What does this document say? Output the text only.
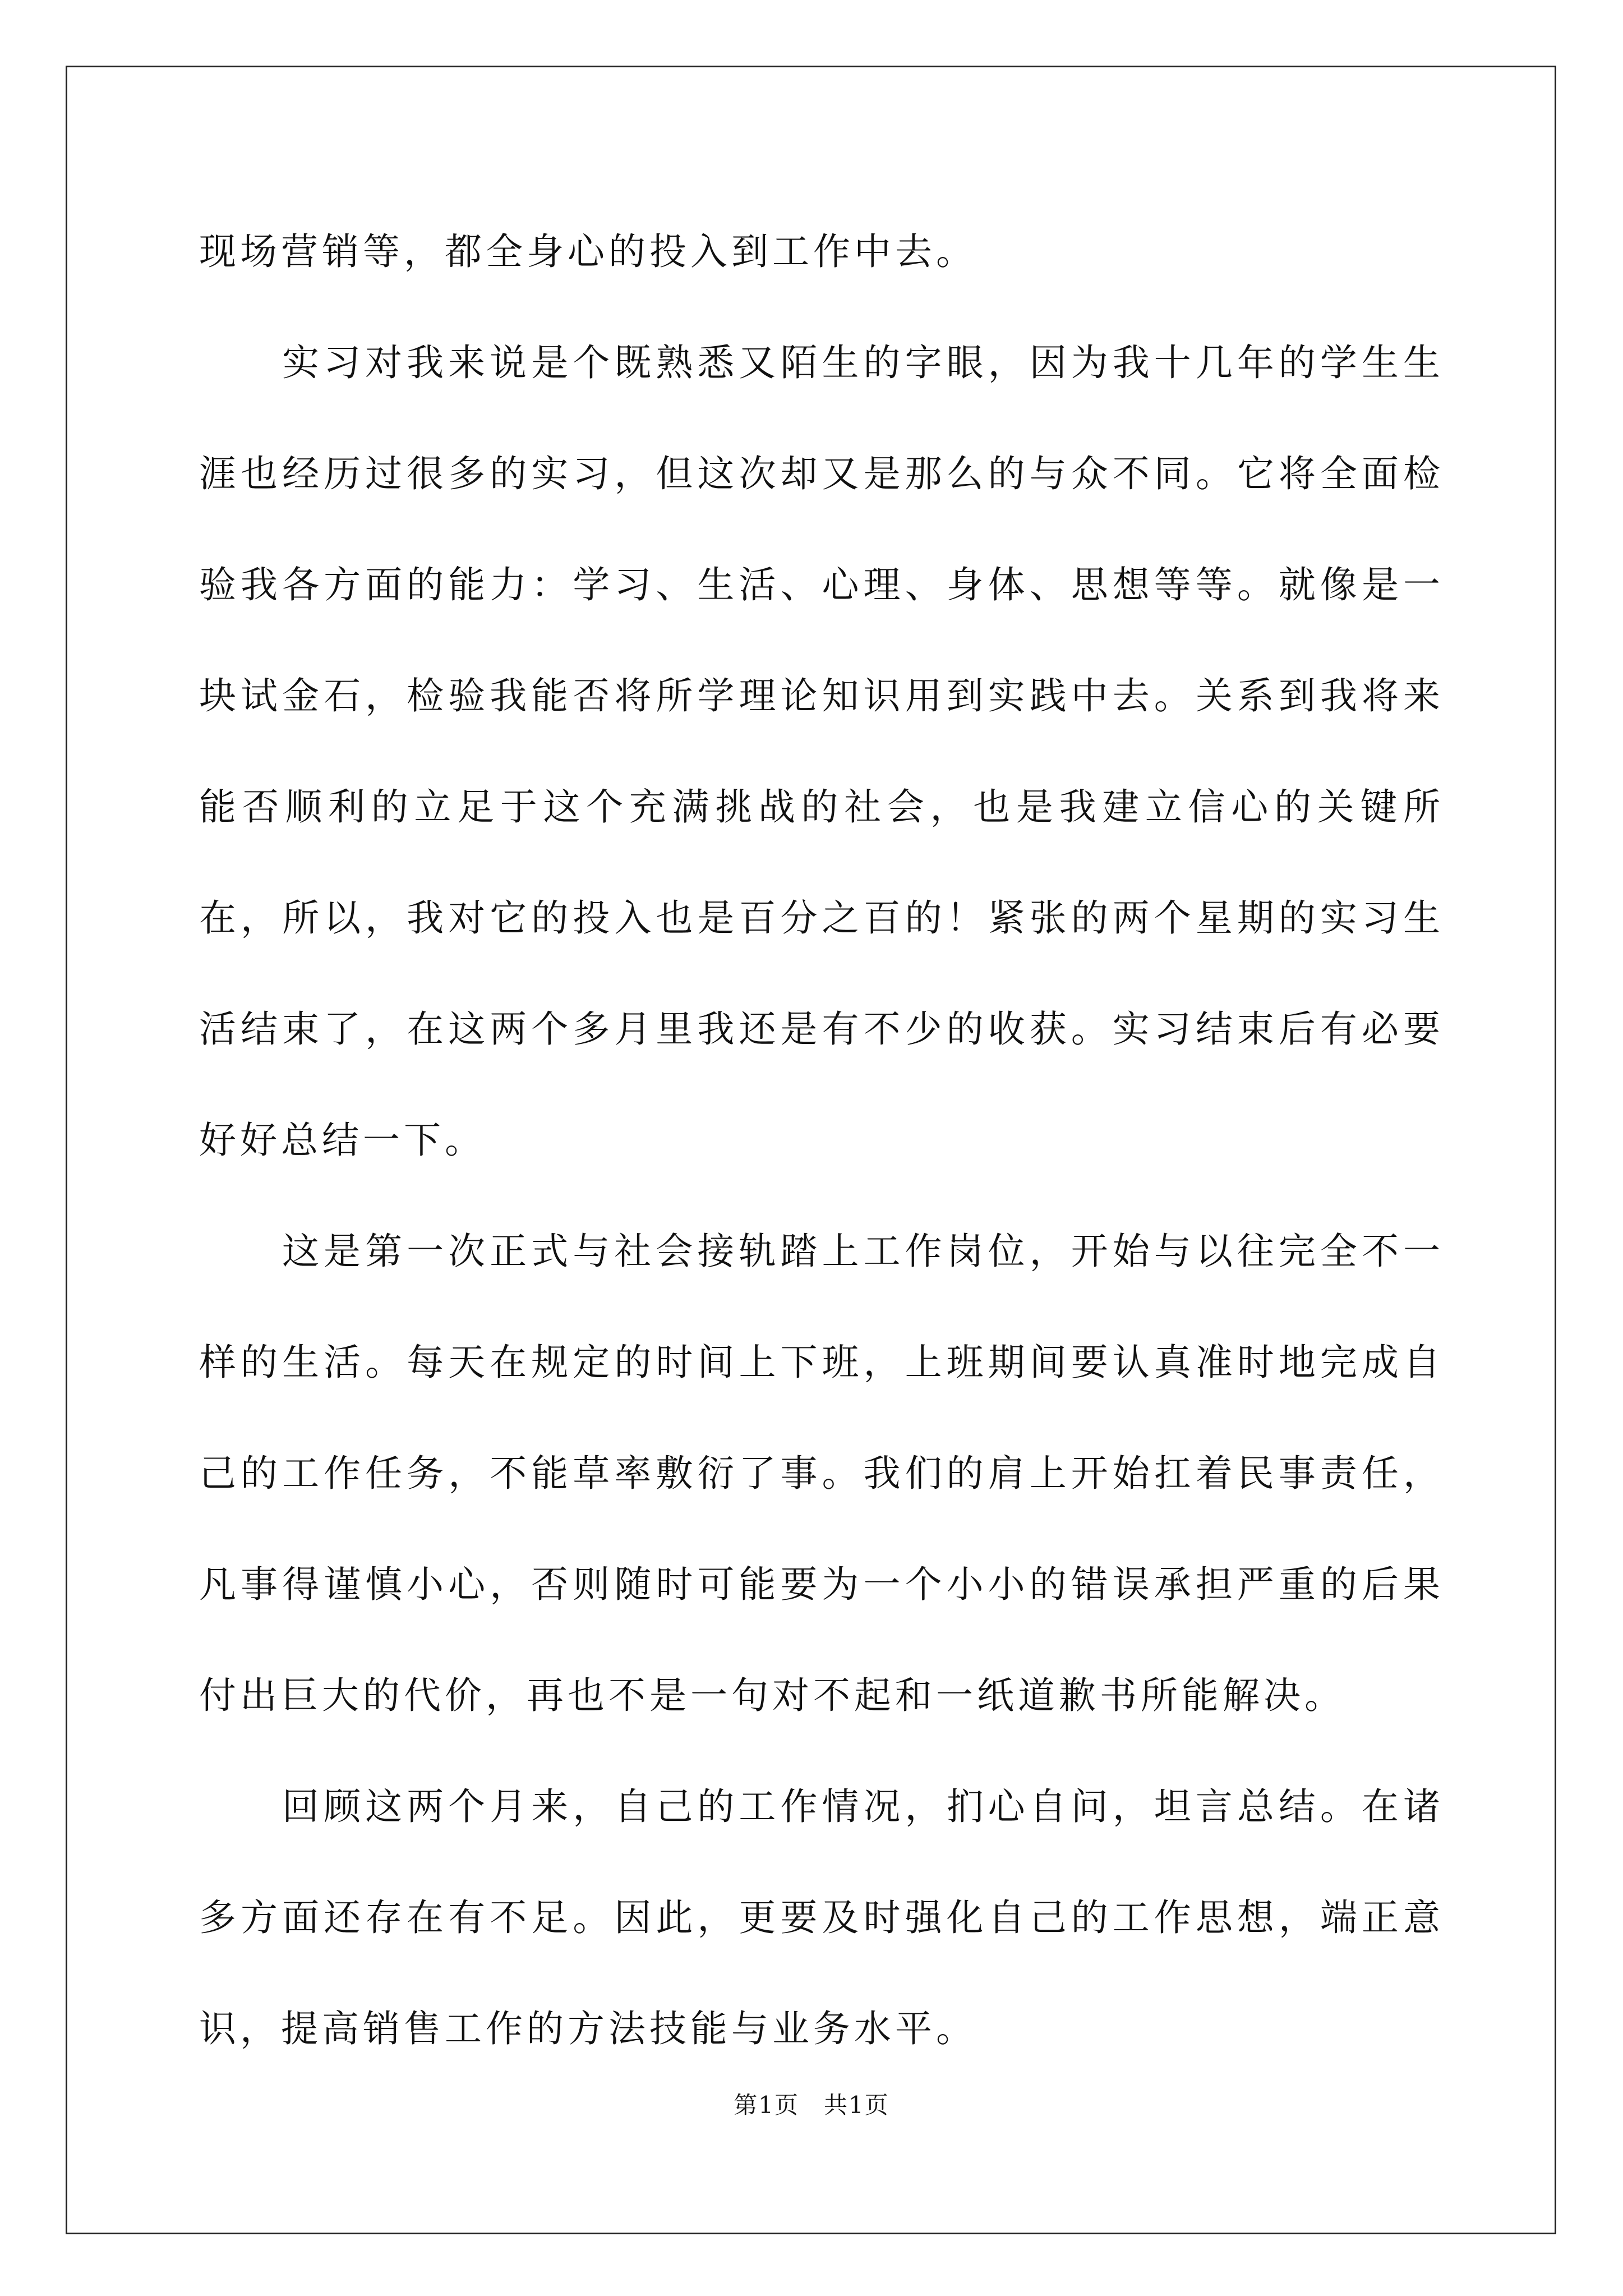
现场营销等，都全身心的投入到工作中去。

实习对我来说是个既熟悉又陌生的字眼，因为我十几年的学生生涯也经历过很多的实习，但这次却又是那么的与众不同。它将全面检验我各方面的能力：学习、生活、心理、身体、思想等等。就像是一块试金石，检验我能否将所学理论知识用到实践中去。关系到我将来能否顺利的立足于这个充满挑战的社会，也是我建立信心的关键所在，所以，我对它的投入也是百分之百的！紧张的两个星期的实习生活结束了，在这两个多月里我还是有不少的收获。实习结束后有必要好好总结一下。

这是第一次正式与社会接轨踏上工作岗位，开始与以往完全不一样的生活。每天在规定的时间上下班，上班期间要认真准时地完成自己的工作任务，不能草率敷衍了事。我们的肩上开始扛着民事责任，凡事得谨慎小心，否则随时可能要为一个小小的错误承担严重的后果付出巨大的代价，再也不是一句对不起和一纸道歉书所能解决。

回顾这两个月来，自己的工作情况，扪心自问，坦言总结。在诸多方面还存在有不足。因此，更要及时强化自己的工作思想，端正意识，提高销售工作的方法技能与业务水平。

第1页　共1页
